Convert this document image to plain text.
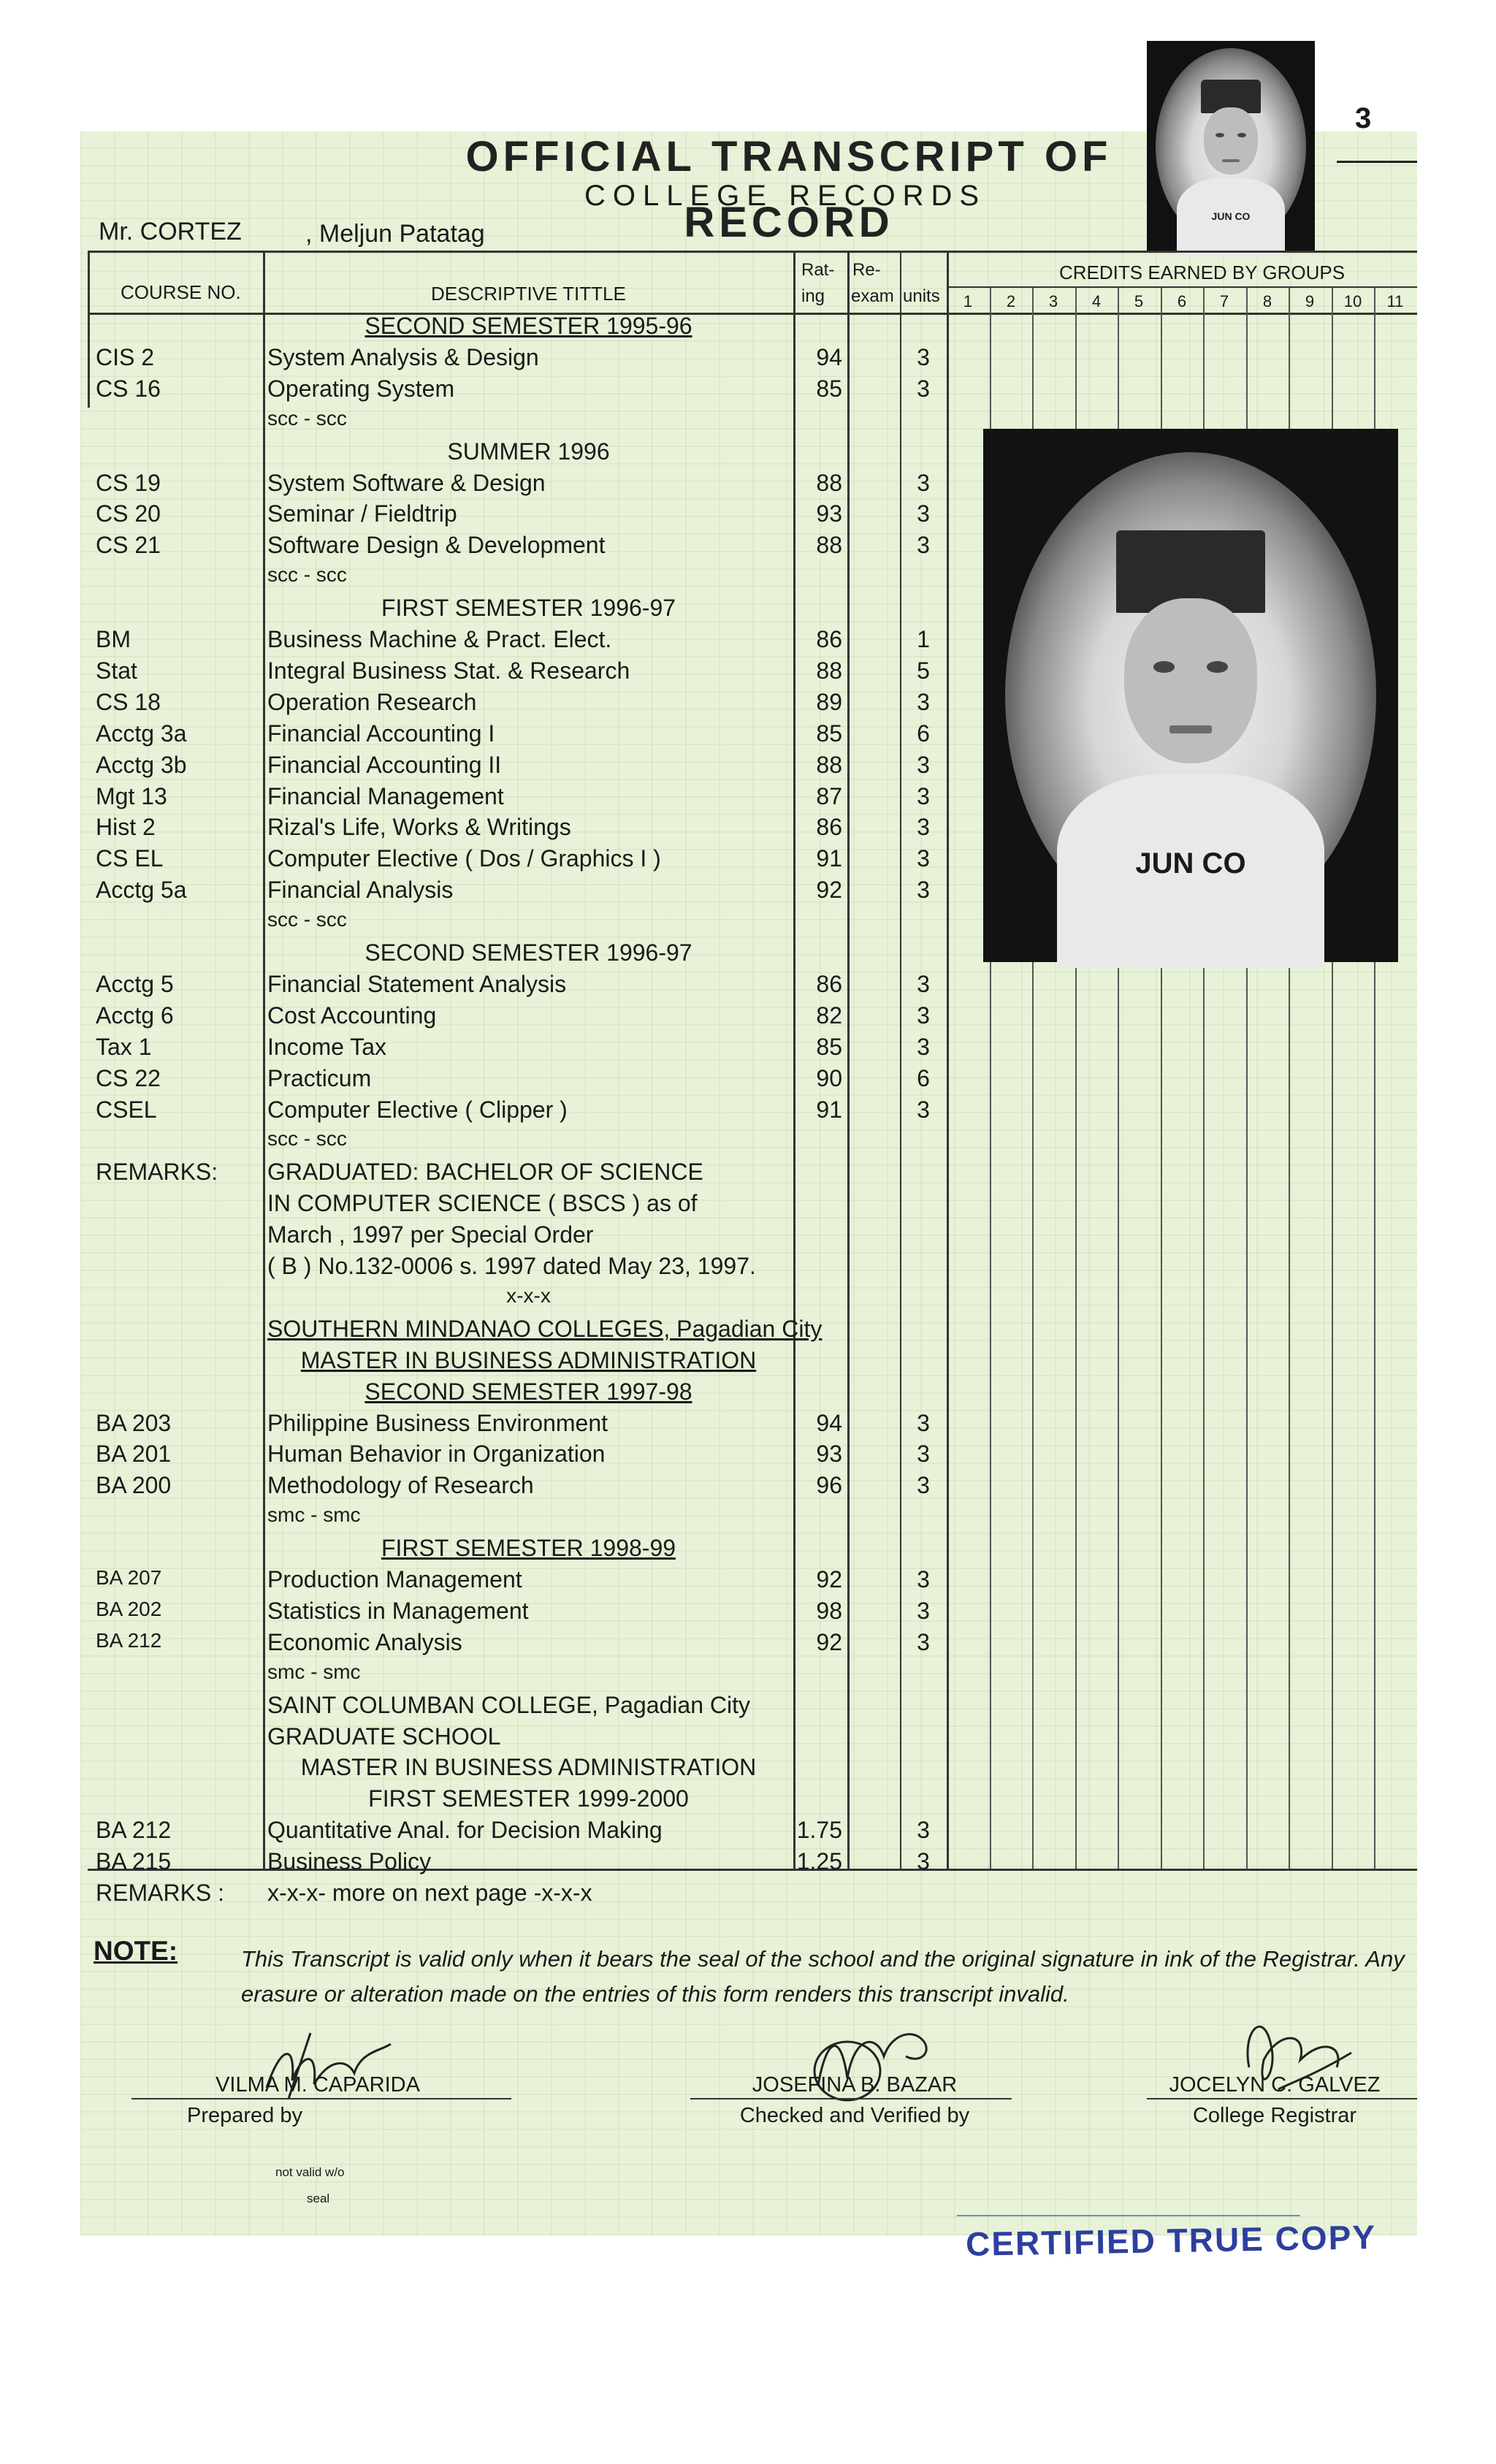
3
JUN CO
OFFICIAL TRANSCRIPT OF RECORD
COLLEGE RECORDS
Mr. CORTEZ	, Meljun Patatag
COURSE NO.	DESCRIPTIVE TITTLE
Rat-
ing
Re-
exam units
CREDITS EARNED BY GROUPS
1	2	3	4	5	6	7	8	9	10	11
SECOND SEMESTER 1995-96
CIS 2	System Analysis & Design	94	3
CS 16	Operating System	85	3
scc - scc
SUMMER 1996
CS 19	System Software & Design	88	3
CS 20	Seminar / Fieldtrip	93	3
CS 21	Software Design & Development	88	3
scc - scc
FIRST SEMESTER 1996-97
BM	Business Machine & Pract. Elect.	86	1
Stat	Integral Business Stat. & Research	88	5
CS 18	Operation Research	89	3
Acctg 3a	Financial Accounting I	85	6
Acctg 3b	Financial Accounting II	88	3
Mgt 13	Financial Management	87	3
Hist 2	Rizal's Life, Works & Writings	86	3
CS EL	Computer Elective ( Dos / Graphics I )	91	3
Acctg 5a	Financial Analysis	92	3
scc - scc
SECOND SEMESTER 1996-97
Acctg 5	Financial Statement Analysis	86	3
Acctg 6	Cost Accounting	82	3
Tax 1	Income Tax	85	3
CS 22	Practicum	90	6
CSEL	Computer Elective ( Clipper )	91	3
scc - scc
REMARKS: GRADUATED: BACHELOR OF SCIENCE
IN COMPUTER SCIENCE ( BSCS ) as of
March , 1997 per Special Order
( B ) No.132-0006 s. 1997 dated May 23, 1997.
x-x-x
SOUTHERN MINDANAO COLLEGES, Pagadian City
MASTER IN BUSINESS ADMINISTRATION
SECOND SEMESTER 1997-98
BA 203	Philippine Business Environment	94	3
BA 201	Human Behavior in Organization	93	3
BA 200	Methodology of Research	96	3
smc - smc
FIRST SEMESTER 1998-99
BA 207	Production Management	92	3
BA 202	Statistics in Management	98	3
BA 212	Economic Analysis	92	3
smc - smc
SAINT COLUMBAN COLLEGE, Pagadian City
GRADUATE SCHOOL
MASTER IN BUSINESS ADMINISTRATION
FIRST SEMESTER 1999-2000
BA 212	Quantitative Anal. for Decision Making	1.75	3
BA 215	Business Policy	1.25	3
REMARKS : x-x-x- more on next page -x-x-x
JUN CO
NOTE:	This Transcript is valid only when it bears the seal of the school and the original signature in ink of the Registrar. Any erasure or alteration made on the entries of this form renders this transcript invalid.
VILMA M. CAPARIDA
Prepared by
JOSEFINA B. BAZAR
Checked and Verified by
JOCELYN C. GALVEZ
College Registrar
not valid w/o
seal
CERTIFIED TRUE COPY
